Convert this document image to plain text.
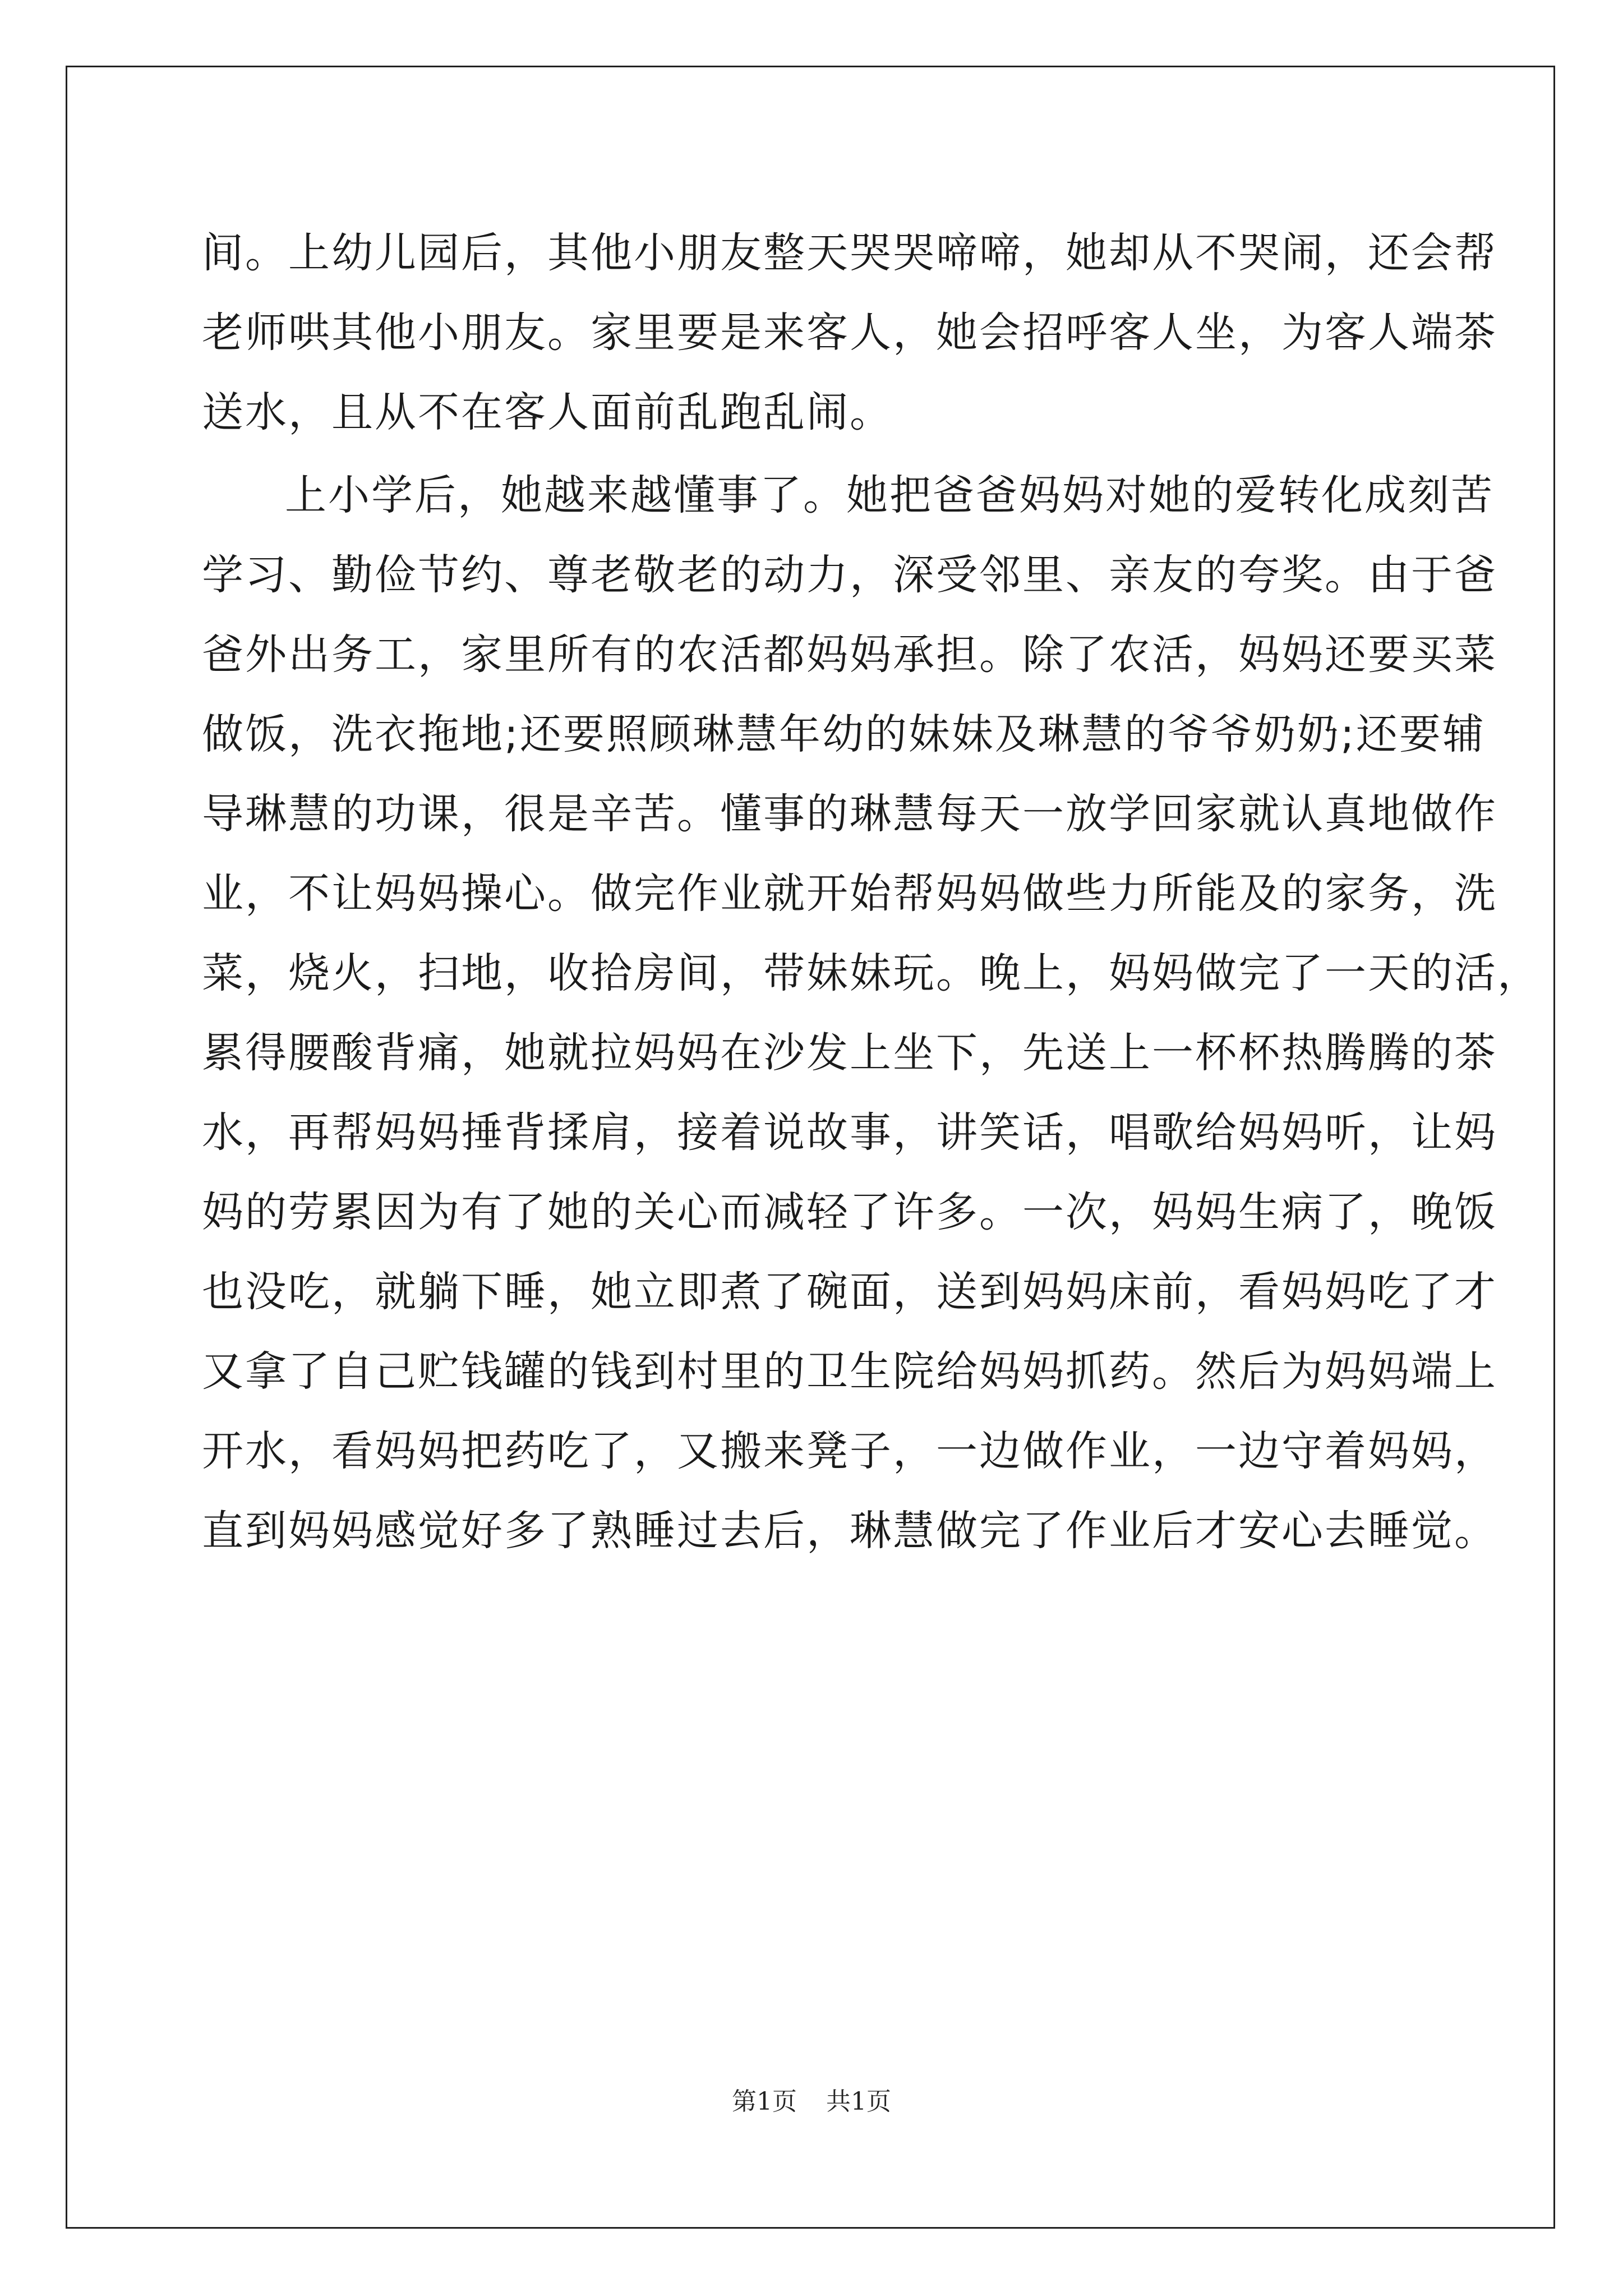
间。上幼儿园后，其他小朋友整天哭哭啼啼，她却从不哭闹，还会帮
老师哄其他小朋友。家里要是来客人，她会招呼客人坐，为客人端茶
送水，且从不在客人面前乱跑乱闹。
上小学后，她越来越懂事了。她把爸爸妈妈对她的爱转化成刻苦
学习、勤俭节约、尊老敬老的动力，深受邻里、亲友的夸奖。由于爸
爸外出务工，家里所有的农活都妈妈承担。除了农活，妈妈还要买菜
做饭，洗衣拖地;还要照顾琳慧年幼的妹妹及琳慧的爷爷奶奶;还要辅
导琳慧的功课，很是辛苦。懂事的琳慧每天一放学回家就认真地做作
业，不让妈妈操心。做完作业就开始帮妈妈做些力所能及的家务，洗
菜，烧火，扫地，收拾房间，带妹妹玩。晚上，妈妈做完了一天的活，
累得腰酸背痛，她就拉妈妈在沙发上坐下，先送上一杯杯热腾腾的茶
水，再帮妈妈捶背揉肩，接着说故事，讲笑话，唱歌给妈妈听，让妈
妈的劳累因为有了她的关心而减轻了许多。一次，妈妈生病了，晚饭
也没吃，就躺下睡，她立即煮了碗面，送到妈妈床前，看妈妈吃了才
又拿了自己贮钱罐的钱到村里的卫生院给妈妈抓药。然后为妈妈端上
开水，看妈妈把药吃了，又搬来凳子，一边做作业，一边守着妈妈，
直到妈妈感觉好多了熟睡过去后，琳慧做完了作业后才安心去睡觉。
第1页 共1页
